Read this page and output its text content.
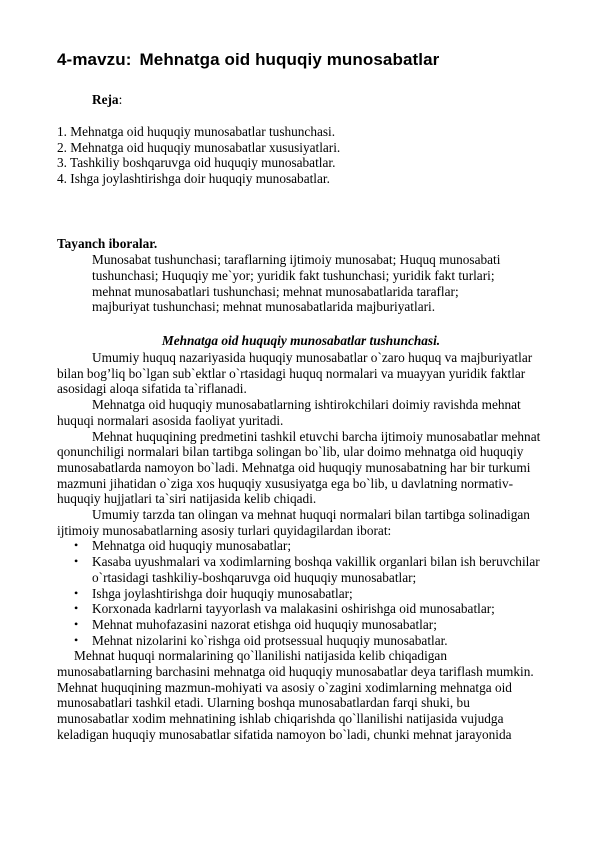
4-mavzu: Mehnatga oid huquqiy munosabatlar
Reja:
1. Mehnatga oid huquqiy munosabatlar tushunchasi.
2. Mehnatga oid huquqiy munosabatlar xususiyatlari.
3. Tashkiliy boshqaruvga oid huquqiy munosabatlar.
4. Ishga joylashtirishga doir huquqiy munosabatlar.
Tayanch iboralar.
Munosabat tushunchasi; taraflarning ijtimoiy munosabat; Huquq munosabati tushunchasi; Huquqiy me`yor; yuridik fakt tushunchasi; yuridik fakt turlari; mehnat munosabatlari tushunchasi; mehnat munosabatlarida taraflar; majburiyat tushunchasi; mehnat munosabatlarida majburiyatlari.
Mehnatga oid huquqiy munosabatlar tushunchasi.

Umumiy huquq nazariyasida huquqiy munosabatlar o`zaro huquq va majburiyatlar bilan bog’liq bo`lgan sub`ektlar o`rtasidagi huquq normalari va muayyan yuridik faktlar asosidagi aloqa sifatida ta`riflanadi.

Mehnatga oid huquqiy munosabatlarning ishtirokchilari doimiy ravishda mehnat huquqi normalari asosida faoliyat yuritadi.

Mehnat huquqining predmetini tashkil etuvchi barcha ijtimoiy munosabatlar mehnat qonunchiligi normalari bilan tartibga solingan bo`lib, ular doimo mehnatga oid huquqiy munosabatlarda namoyon bo`ladi. Mehnatga oid huquqiy munosabatning har bir turkumi mazmuni jihatidan o`ziga xos huquqiy xususiyatga ega bo`lib, u davlatning normativ-huquqiy hujjatlari ta`siri natijasida kelib chiqadi.

Umumiy tarzda tan olingan va mehnat huquqi normalari bilan tartibga solinadigan ijtimoiy munosabatlarning asosiy turlari quyidagilardan iborat:

• Mehnatga oid huquqiy munosabatlar;
• Kasaba uyushmalari va xodimlarning boshqa vakillik organlari bilan ish beruvchilar o`rtasidagi tashkiliy-boshqaruvga oid huquqiy munosabatlar;
• Ishga joylashtirishga doir huquqiy munosabatlar;
• Korxonada kadrlarni tayyorlash va malakasini oshirishga oid munosabatlar;
• Mehnat muhofazasini nazorat etishga oid huquqiy munosabatlar;
• Mehnat nizolarini ko`rishga oid protsessual huquqiy munosabatlar.

Mehnat huquqi normalarining qo`llanilishi natijasida kelib chiqadigan munosabatlarning barchasini mehnatga oid huquqiy munosabatlar deya tariflash mumkin.

Mehnat huquqining mazmun-mohiyati va asosiy o`zagini xodimlarning mehnatga oid munosabatlari tashkil etadi. Ularning boshqa munosabatlardan farqi shuki, bu munosabatlar xodim mehnatining ishlab chiqarishda qo`llanilishi natijasida vujudga keladigan huquqiy munosabatlar sifatida namoyon bo`ladi, chunki mehnat jarayonida
